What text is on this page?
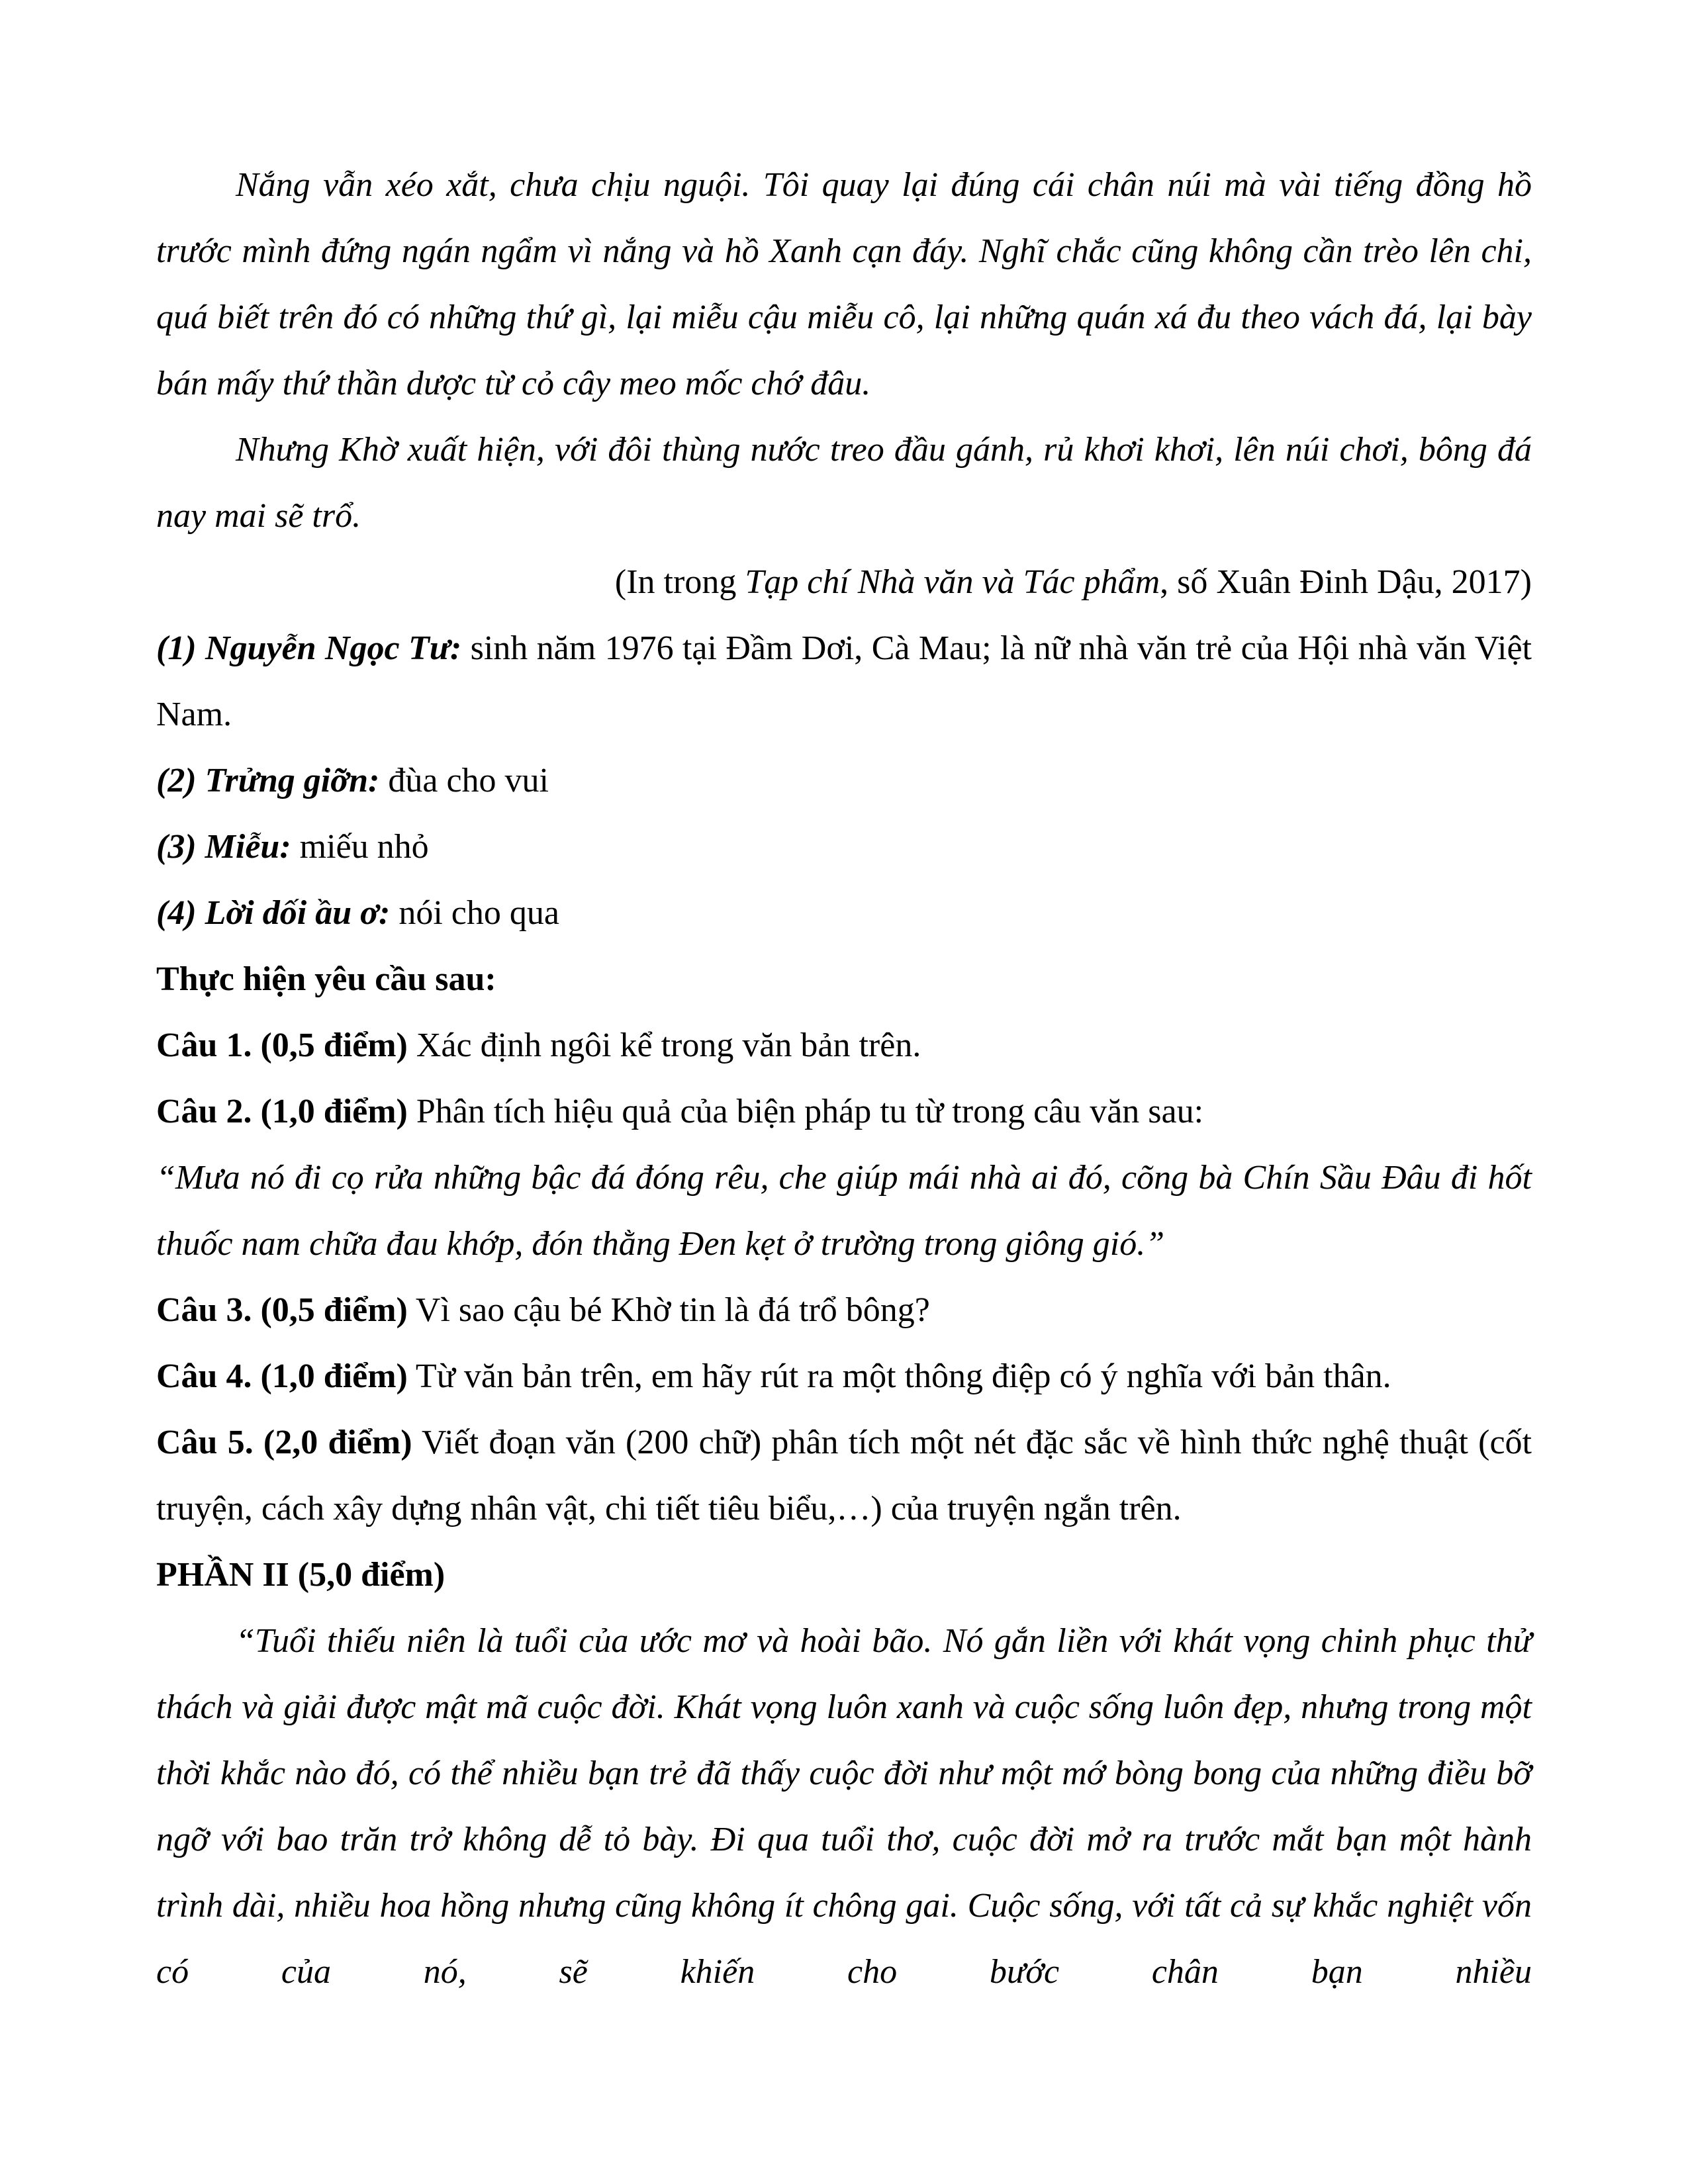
Nắng vẫn xéo xắt, chưa chịu nguội. Tôi quay lại đúng cái chân núi mà vài tiếng đồng hồ trước mình đứng ngán ngẩm vì nắng và hồ Xanh cạn đáy. Nghĩ chắc cũng không cần trèo lên chi, quá biết trên đó có những thứ gì, lại miễu cậu miễu cô, lại những quán xá đu theo vách đá, lại bày bán mấy thứ thần dược từ cỏ cây meo mốc chớ đâu.

Nhưng Khờ xuất hiện, với đôi thùng nước treo đầu gánh, rủ khơi khơi, lên núi chơi, bông đá nay mai sẽ trổ.

(In trong Tạp chí Nhà văn và Tác phẩm, số Xuân Đinh Dậu, 2017)

(1) Nguyễn Ngọc Tư: sinh năm 1976 tại Đầm Dơi, Cà Mau; là nữ nhà văn trẻ của Hội nhà văn Việt Nam.

(2) Trửng giỡn: đùa cho vui

(3) Miễu: miếu nhỏ

(4) Lời dối ầu ơ: nói cho qua

Thực hiện yêu cầu sau:

Câu 1. (0,5 điểm) Xác định ngôi kể trong văn bản trên.

Câu 2. (1,0 điểm) Phân tích hiệu quả của biện pháp tu từ trong câu văn sau:

“Mưa nó đi cọ rửa những bậc đá đóng rêu, che giúp mái nhà ai đó, cõng bà Chín Sầu Đâu đi hốt thuốc nam chữa đau khớp, đón thằng Đen kẹt ở trường trong giông gió.”

Câu 3. (0,5 điểm) Vì sao cậu bé Khờ tin là đá trổ bông?

Câu 4. (1,0 điểm) Từ văn bản trên, em hãy rút ra một thông điệp có ý nghĩa với bản thân.

Câu 5. (2,0 điểm) Viết đoạn văn (200 chữ) phân tích một nét đặc sắc về hình thức nghệ thuật (cốt truyện, cách xây dựng nhân vật, chi tiết tiêu biểu,…) của truyện ngắn trên.

PHẦN II (5,0 điểm)

“Tuổi thiếu niên là tuổi của ước mơ và hoài bão. Nó gắn liền với khát vọng chinh phục thử thách và giải được mật mã cuộc đời. Khát vọng luôn xanh và cuộc sống luôn đẹp, nhưng trong một thời khắc nào đó, có thể nhiều bạn trẻ đã thấy cuộc đời như một mớ bòng bong của những điều bỡ ngỡ với bao trăn trở không dễ tỏ bày. Đi qua tuổi thơ, cuộc đời mở ra trước mắt bạn một hành trình dài, nhiều hoa hồng nhưng cũng không ít chông gai. Cuộc sống, với tất cả sự khắc nghiệt vốn có của nó, sẽ khiến cho bước chân bạn nhiều
